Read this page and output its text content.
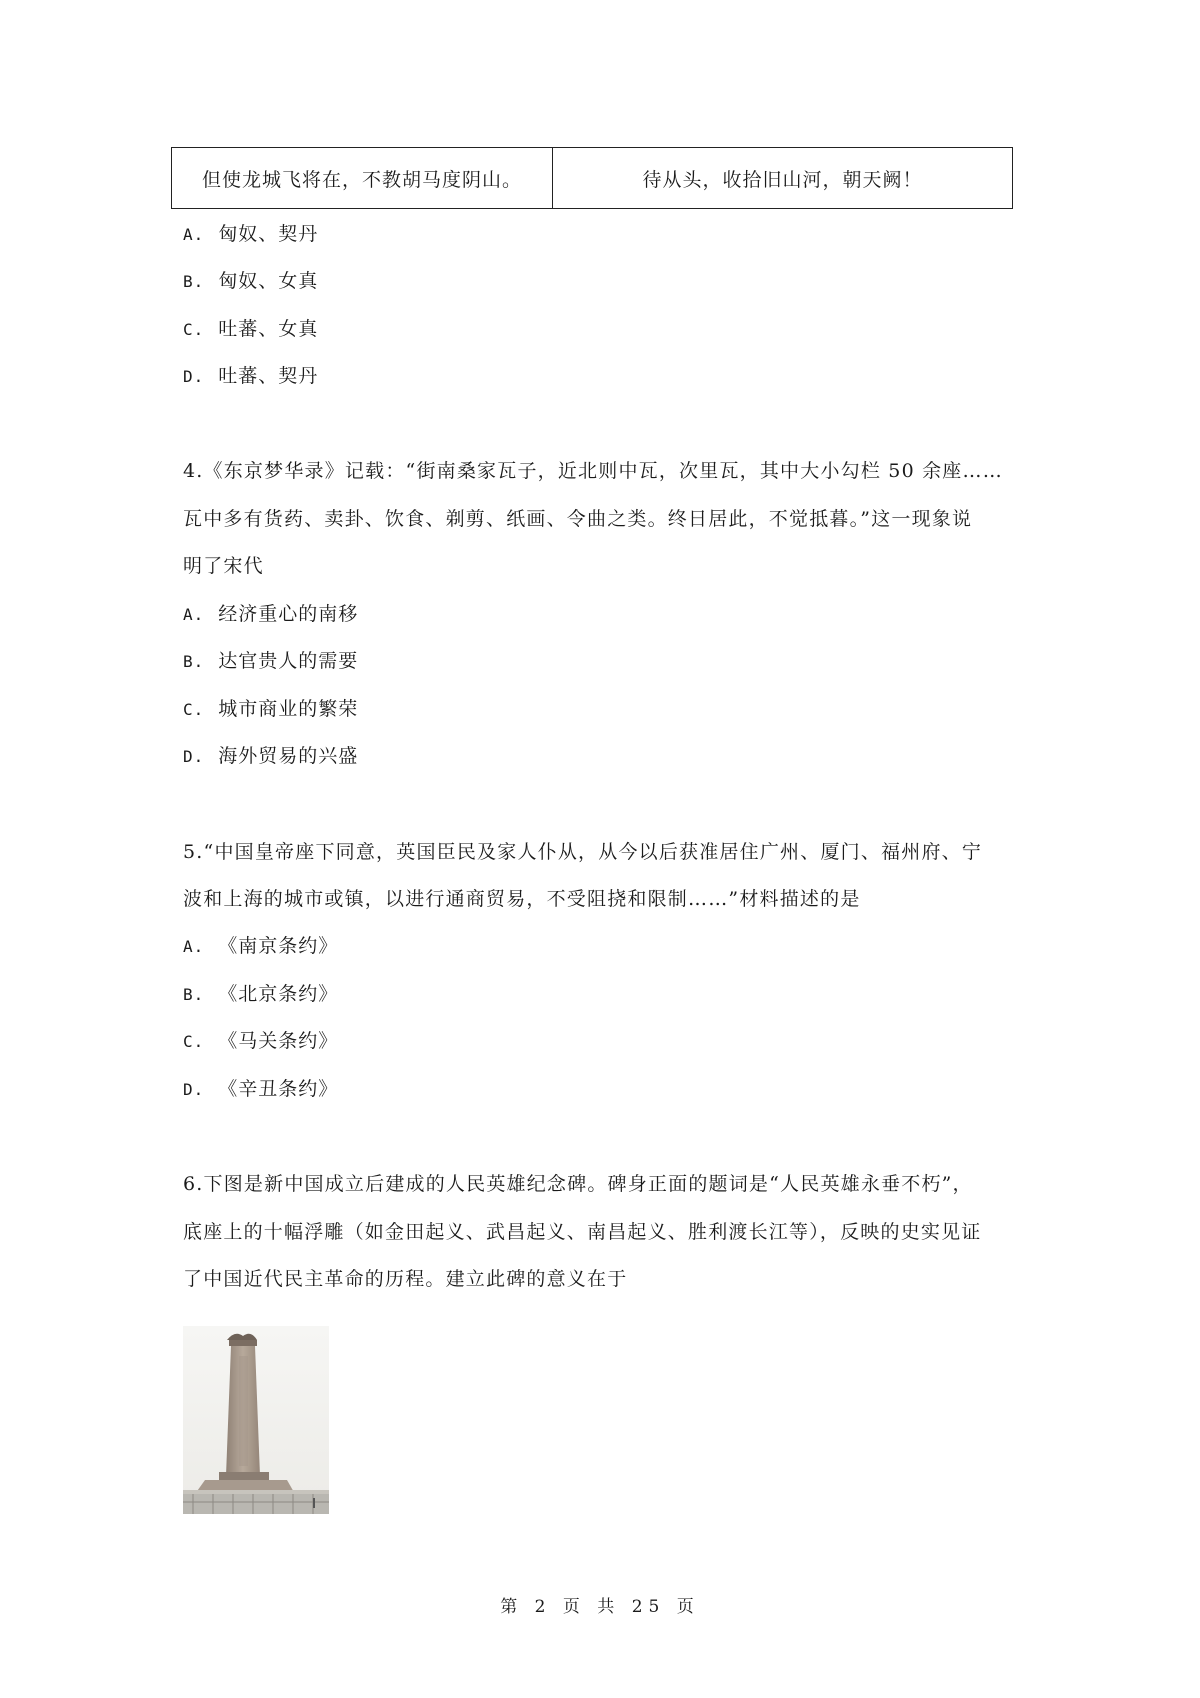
但使龙城飞将在，不教胡马度阴山。	待从头，收拾旧山河，朝天阙！
A. 匈奴、契丹
B. 匈奴、女真
C. 吐蕃、女真
D. 吐蕃、契丹
4.《东京梦华录》记载：“街南桑家瓦子，近北则中瓦，次里瓦，其中大小勾栏 50 余座……
瓦中多有货药、卖卦、饮食、剃剪、纸画、令曲之类。终日居此，不觉抵暮。”这一现象说
明了宋代
A. 经济重心的南移
B. 达官贵人的需要
C. 城市商业的繁荣
D. 海外贸易的兴盛
5.“中国皇帝座下同意，英国臣民及家人仆从，从今以后获准居住广州、厦门、福州府、宁
波和上海的城市或镇，以进行通商贸易，不受阻挠和限制……”材料描述的是
A. 《南京条约》
B. 《北京条约》
C. 《马关条约》
D. 《辛丑条约》
6.下图是新中国成立后建成的人民英雄纪念碑。碑身正面的题词是“人民英雄永垂不朽”，
底座上的十幅浮雕（如金田起义、武昌起义、南昌起义、胜利渡长江等），反映的史实见证
了中国近代民主革命的历程。建立此碑的意义在于
第 2 页 共 25 页
